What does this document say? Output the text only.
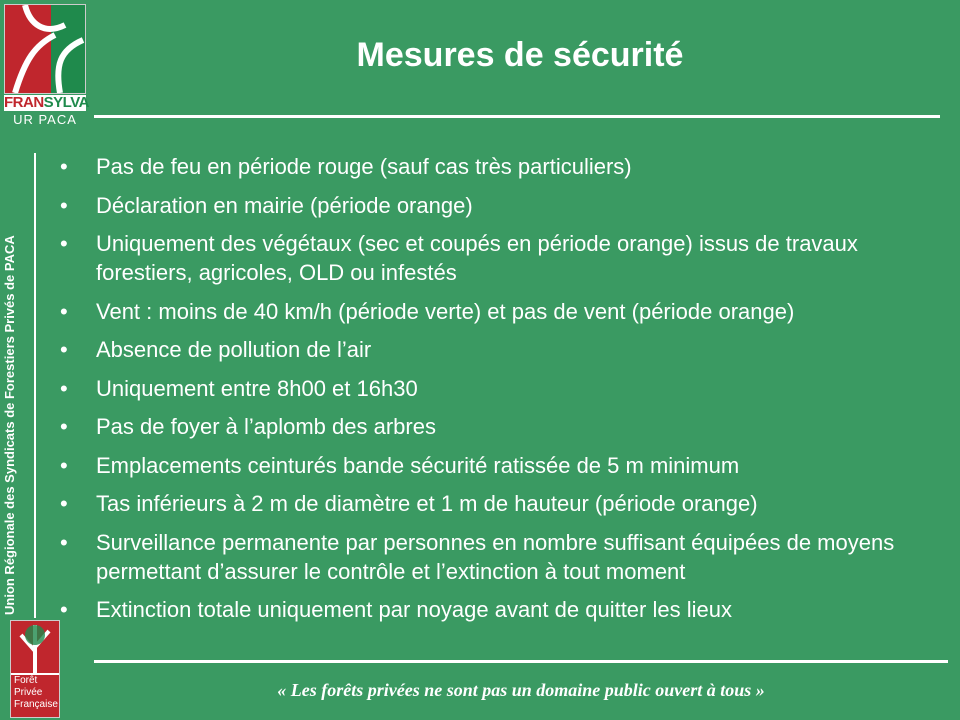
FRANSYLVA
UR PACA
Mesures de sécurité
Union Régionale des Syndicats de Forestiers Privés de PACA
• Pas de feu en période rouge (sauf cas très particuliers)
• Déclaration en mairie (période orange)
• Uniquement des végétaux (sec et coupés en période orange) issus de travaux forestiers, agricoles, OLD ou infestés
• Vent : moins de 40 km/h (période verte) et pas de vent (période orange)
• Absence de pollution de l’air
• Uniquement entre 8h00 et 16h30
• Pas de foyer à l’aplomb des arbres
• Emplacements ceinturés bande sécurité ratissée de 5 m minimum
• Tas inférieurs à 2 m de diamètre et 1 m de hauteur (période orange)
• Surveillance permanente par personnes en nombre suffisant équipées de moyens permettant d’assurer le contrôle et l’extinction à tout moment
• Extinction totale uniquement par noyage avant de quitter les lieux
Forêt
Privée
Française
« Les forêts privées ne sont pas un domaine public ouvert à tous »
